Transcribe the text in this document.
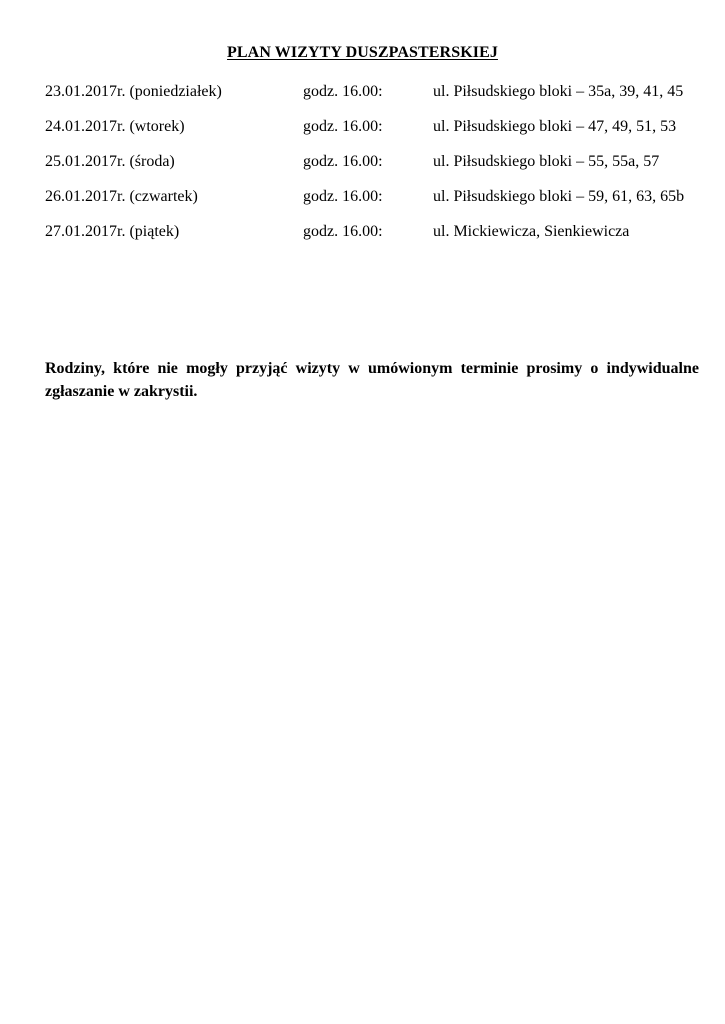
PLAN WIZYTY DUSZPASTERSKIEJ
23.01.2017r. (poniedziałek)	godz. 16.00:	ul. Piłsudskiego bloki – 35a, 39, 41, 45
24.01.2017r. (wtorek)	godz. 16.00:	ul. Piłsudskiego bloki – 47, 49, 51, 53
25.01.2017r. (środa)	godz. 16.00:	ul. Piłsudskiego bloki – 55, 55a, 57
26.01.2017r. (czwartek)	godz. 16.00:	ul. Piłsudskiego bloki – 59, 61, 63, 65b
27.01.2017r. (piątek)	godz. 16.00:	ul. Mickiewicza, Sienkiewicza
Rodziny, które nie mogły przyjąć wizyty w umówionym terminie prosimy o indywidualne zgłaszanie w zakrystii.
